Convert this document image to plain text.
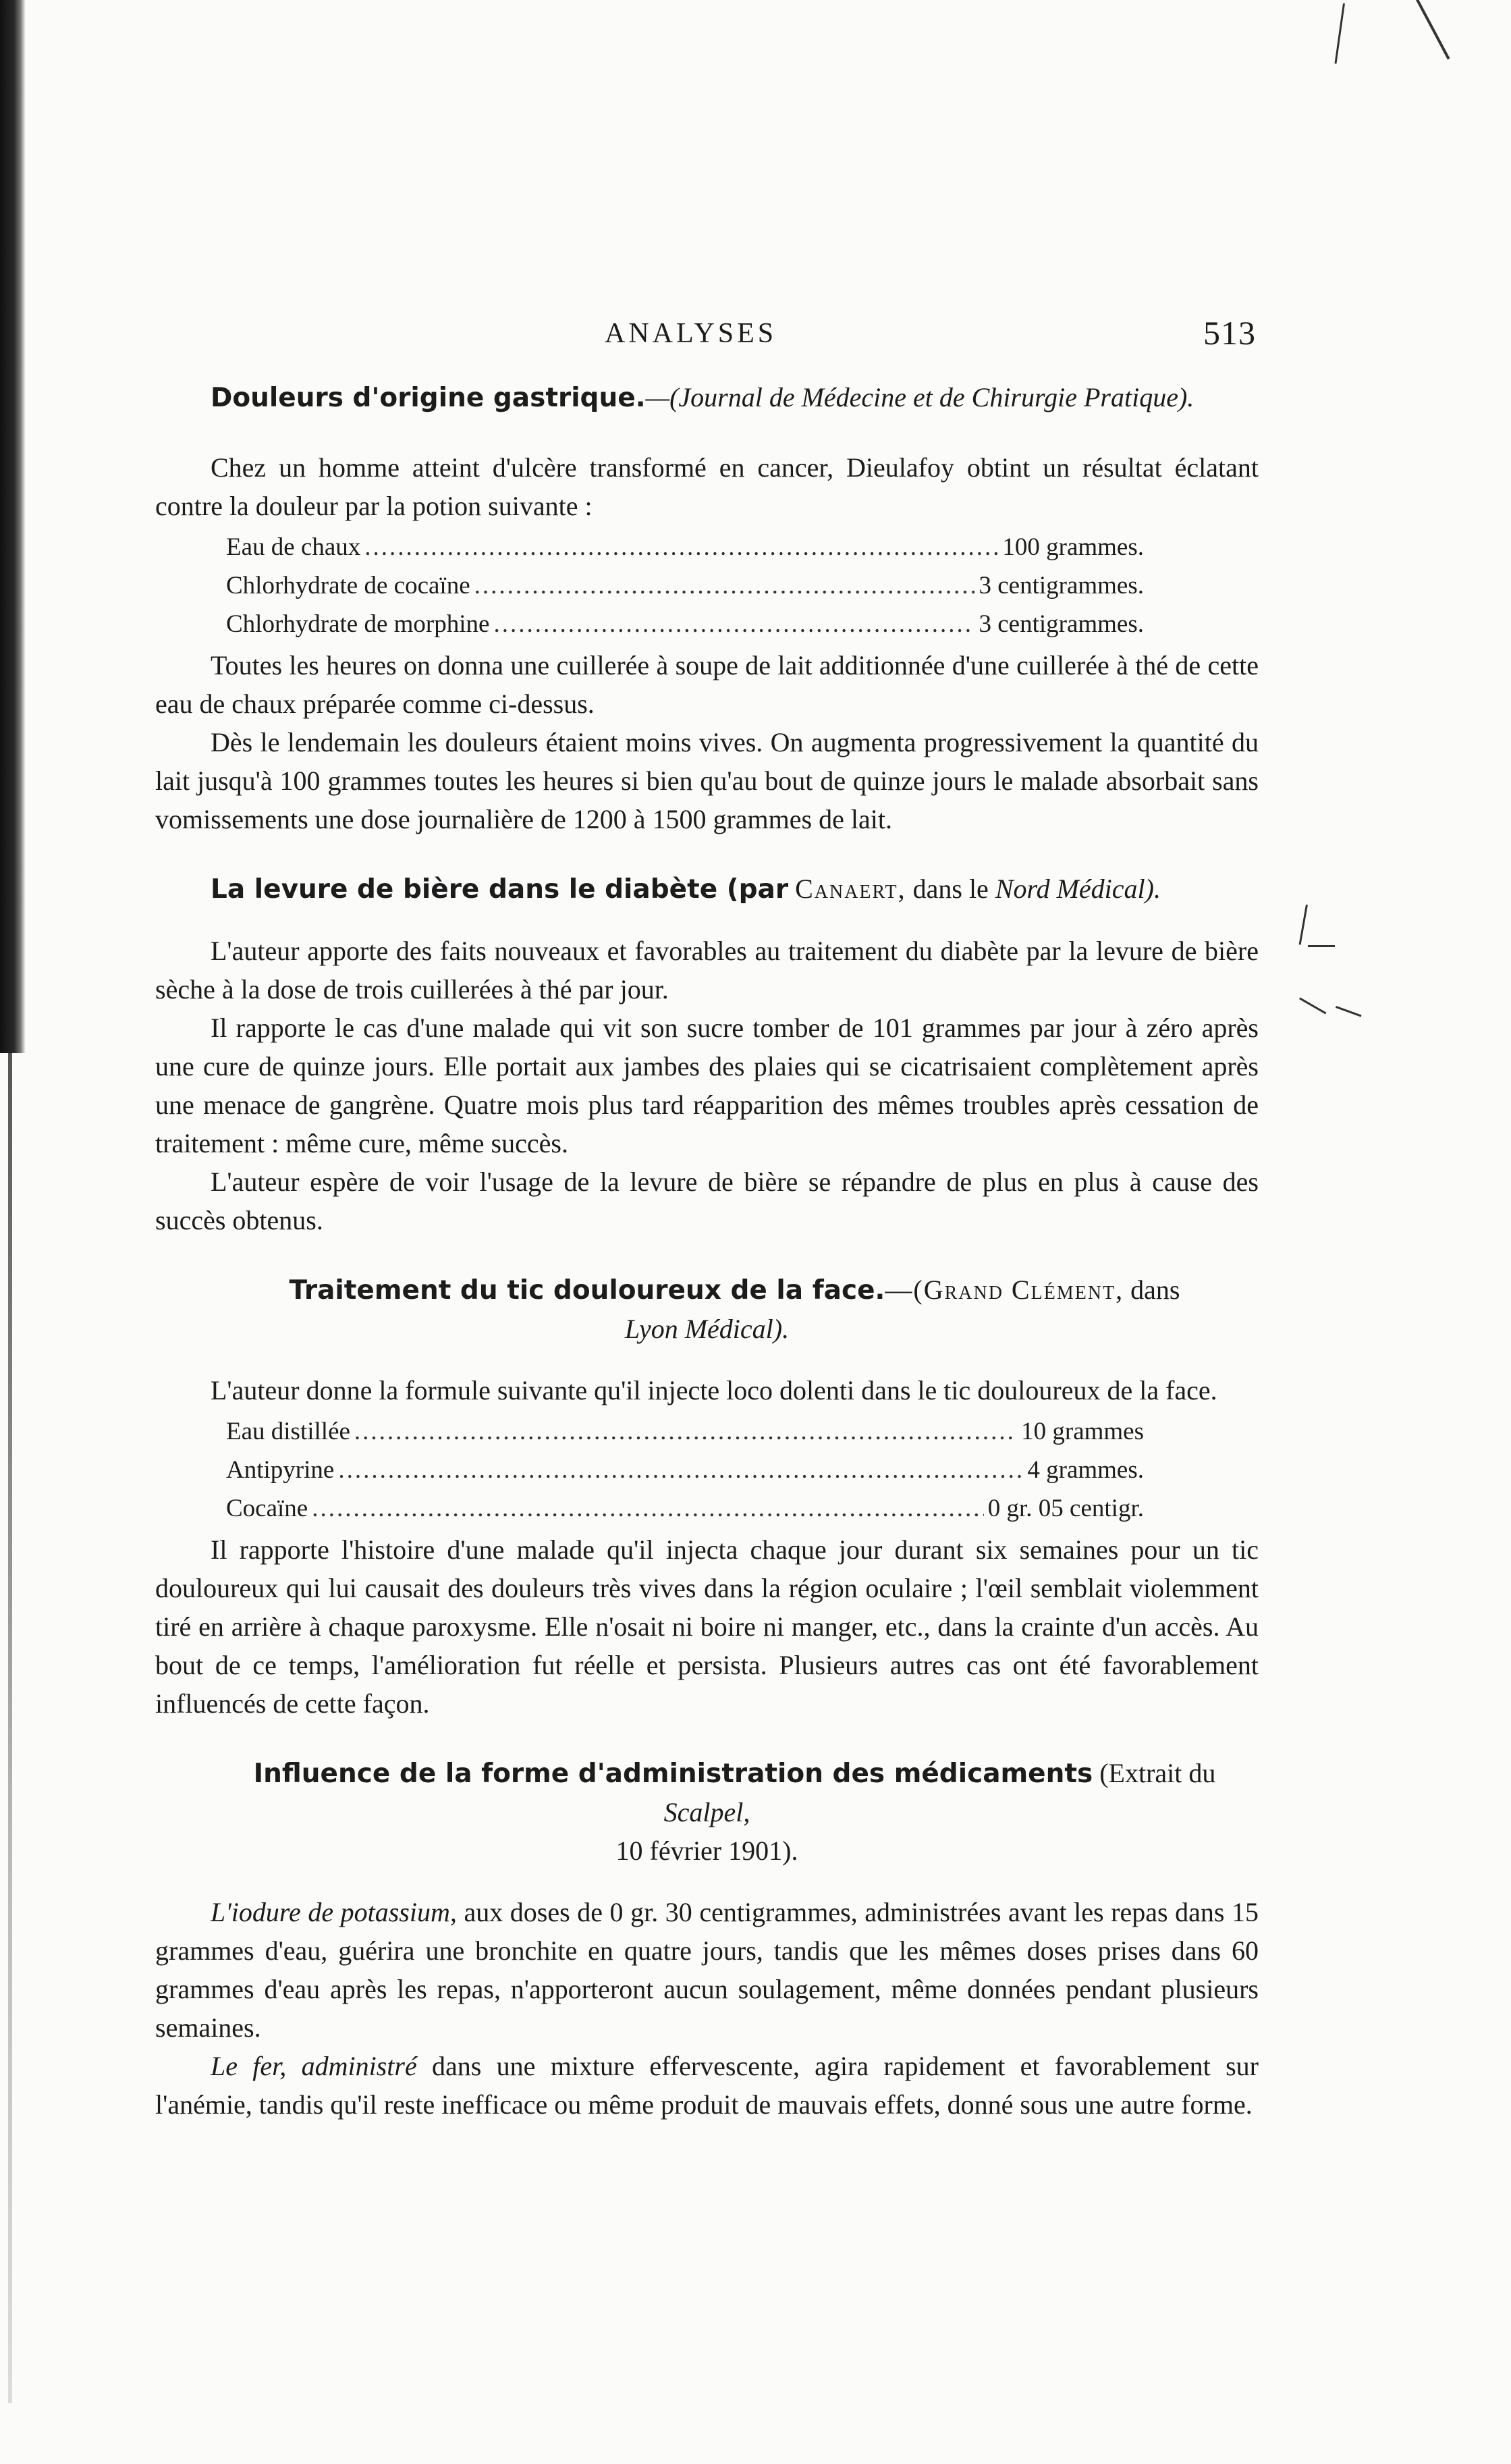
ANALYSES	513

Douleurs d'origine gastrique.—(Journal de Médecine et de Chirurgie Pratique).

Chez un homme atteint d'ulcère transformé en cancer, Dieulafoy obtint un résultat éclatant contre la douleur par la potion suivante :

Eau de chaux .....	100 grammes.
Chlorhydrate de cocaïne .....	3 centigrammes.
Chlorhydrate de morphine .....	3 centigrammes.

Toutes les heures on donna une cuillerée à soupe de lait additionnée d'une cuillerée à thé de cette eau de chaux préparée comme ci-dessus.

Dès le lendemain les douleurs étaient moins vives. On augmenta progressivement la quantité du lait jusqu'à 100 grammes toutes les heures si bien qu'au bout de quinze jours le malade absorbait sans vomissements une dose journalière de 1200 à 1500 grammes de lait.

La levure de bière dans le diabète (par Canaert, dans le Nord Médical).

L'auteur apporte des faits nouveaux et favorables au traitement du diabète par la levure de bière sèche à la dose de trois cuillerées à thé par jour.

Il rapporte le cas d'une malade qui vit son sucre tomber de 101 grammes par jour à zéro après une cure de quinze jours. Elle portait aux jambes des plaies qui se cicatrisaient complètement après une menace de gangrène. Quatre mois plus tard réapparition des mêmes troubles après cessation de traitement : même cure, même succès.

L'auteur espère de voir l'usage de la levure de bière se répandre de plus en plus à cause des succès obtenus.

Traitement du tic douloureux de la face.—(Grand Clément, dans
Lyon Médical).

L'auteur donne la formule suivante qu'il injecte loco dolenti dans le tic douloureux de la face.

Eau distillée .....	10 grammes
Antipyrine .....	4 grammes.
Cocaïne .....	0 gr. 05 centigr.

Il rapporte l'histoire d'une malade qu'il injecta chaque jour durant six semaines pour un tic douloureux qui lui causait des douleurs très vives dans la région oculaire ; l'œil semblait violemment tiré en arrière à chaque paroxysme. Elle n'osait ni boire ni manger, etc., dans la crainte d'un accès. Au bout de ce temps, l'amélioration fut réelle et persista. Plusieurs autres cas ont été favorablement influencés de cette façon.

Influence de la forme d'administration des médicaments (Extrait du Scalpel,
10 février 1901).

L'iodure de potassium, aux doses de 0 gr. 30 centigrammes, administrées avant les repas dans 15 grammes d'eau, guérira une bronchite en quatre jours, tandis que les mêmes doses prises dans 60 grammes d'eau après les repas, n'apporteront aucun soulagement, même données pendant plusieurs semaines.

Le fer, administré dans une mixture effervescente, agira rapidement et favorablement sur l'anémie, tandis qu'il reste inefficace ou même produit de mauvais effets, donné sous une autre forme.
